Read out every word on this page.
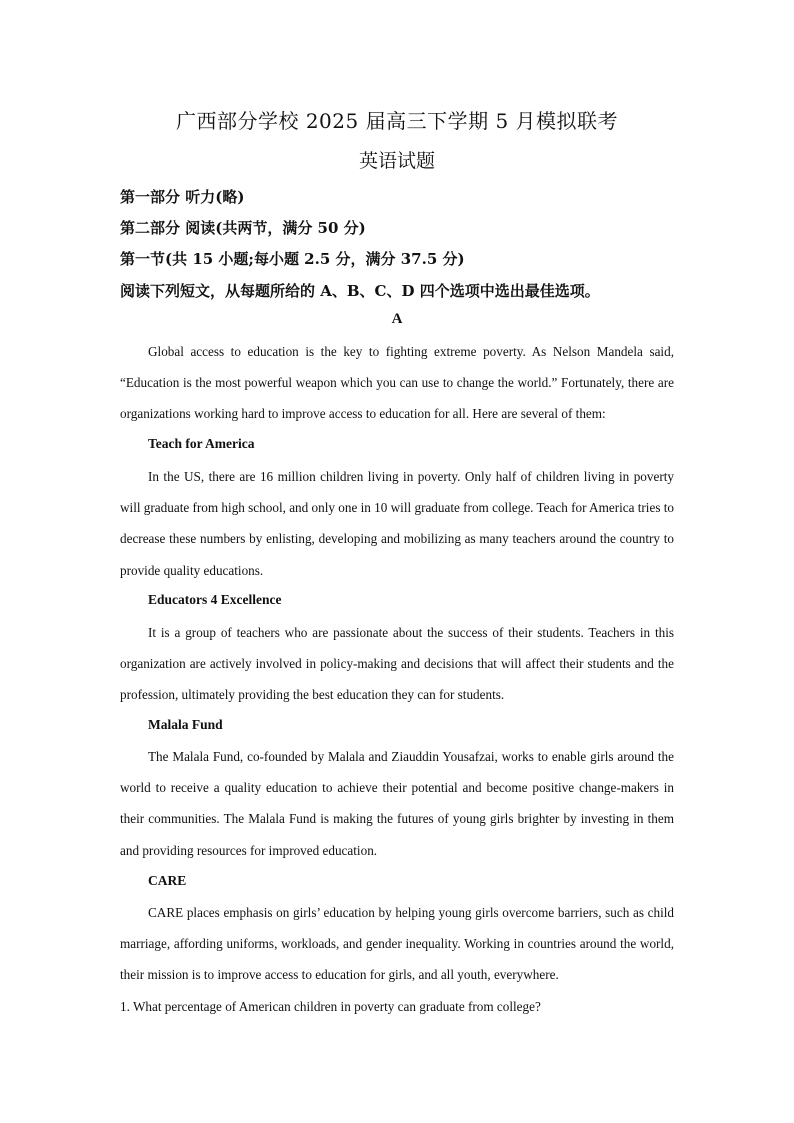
广西部分学校 2025 届高三下学期 5 月模拟联考
英语试题
第一部分 听力(略)
第二部分 阅读(共两节，满分 50 分)
第一节(共 15 小题;每小题 2.5 分，满分 37.5 分)
阅读下列短文，从每题所给的 A、B、C、D 四个选项中选出最佳选项。
A

Global access to education is the key to fighting extreme poverty. As Nelson Mandela said, “Education is the most powerful weapon which you can use to change the world.” Fortunately, there are organizations working hard to improve access to education for all. Here are several of them:

Teach for America

In the US, there are 16 million children living in poverty. Only half of children living in poverty will graduate from high school, and only one in 10 will graduate from college. Teach for America tries to decrease these numbers by enlisting, developing and mobilizing as many teachers around the country to provide quality educations.

Educators 4 Excellence

It is a group of teachers who are passionate about the success of their students. Teachers in this organization are actively involved in policy-making and decisions that will affect their students and the profession, ultimately providing the best education they can for students.

Malala Fund

The Malala Fund, co-founded by Malala and Ziauddin Yousafzai, works to enable girls around the world to receive a quality education to achieve their potential and become positive change-makers in their communities. The Malala Fund is making the futures of young girls brighter by investing in them and providing resources for improved education.

CARE

CARE places emphasis on girls’ education by helping young girls overcome barriers, such as child marriage, affording uniforms, workloads, and gender inequality. Working in countries around the world, their mission is to improve access to education for girls, and all youth, everywhere.

1. What percentage of American children in poverty can graduate from college?
